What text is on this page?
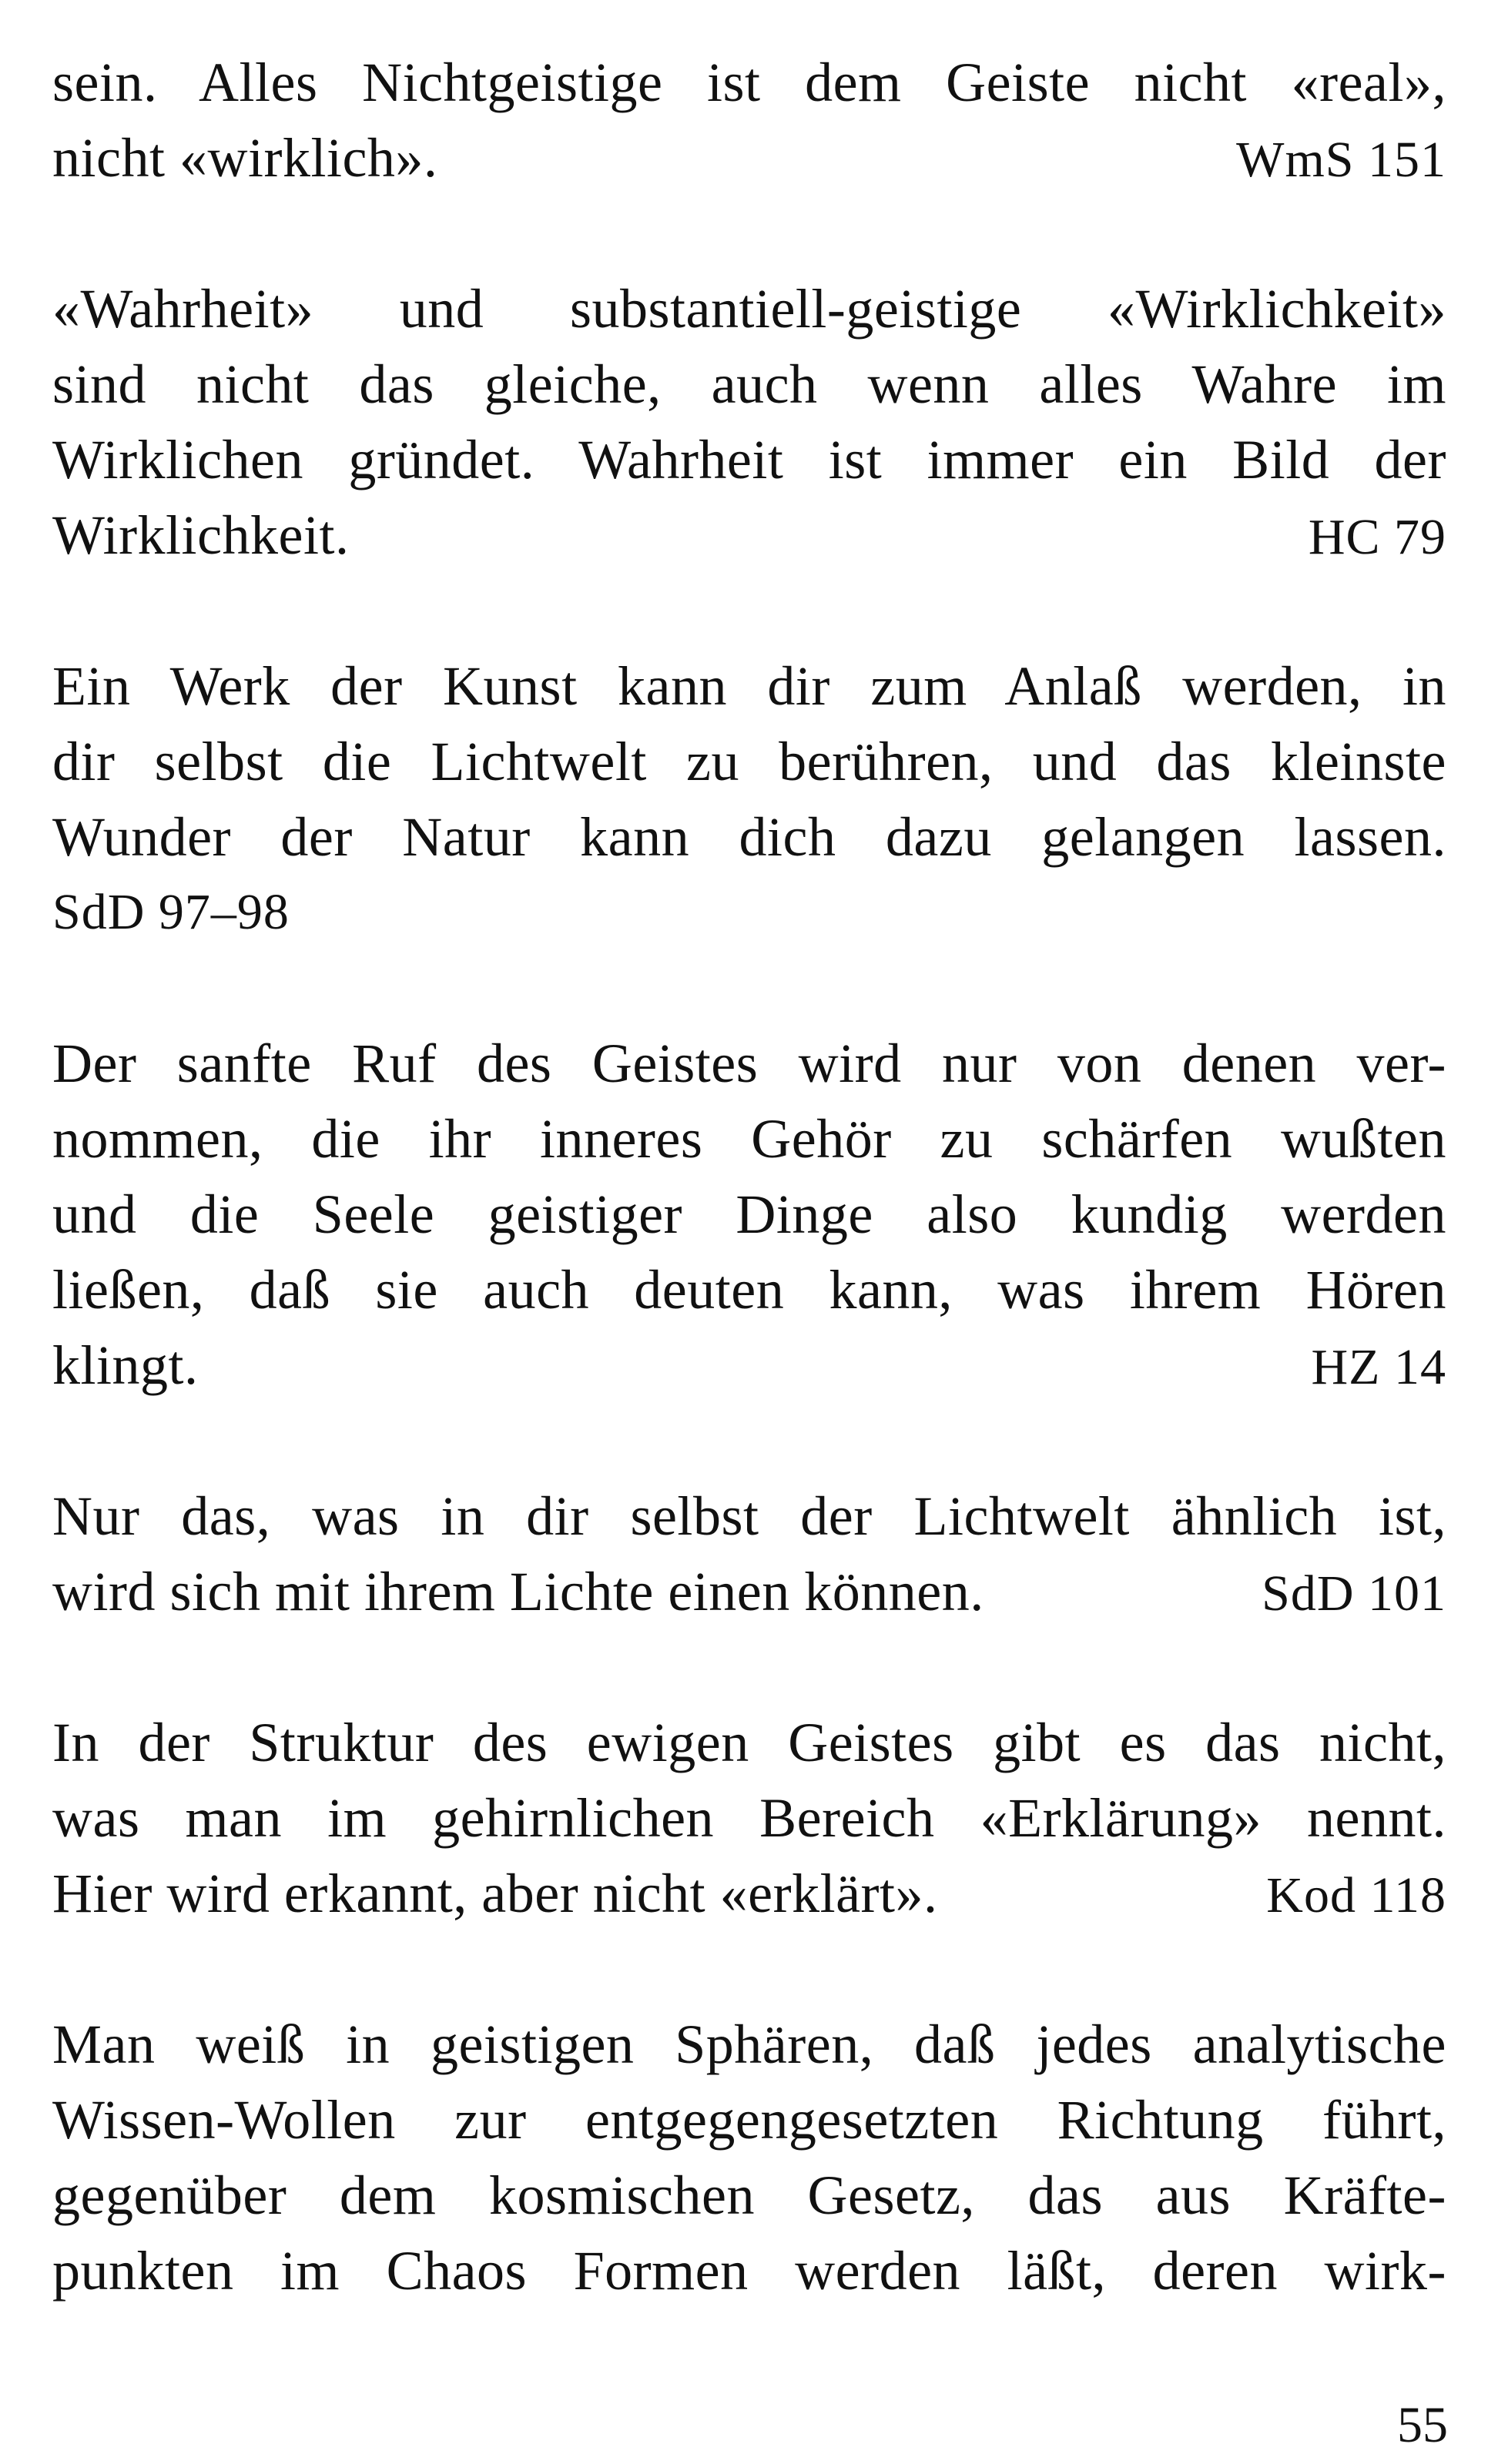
sein. Alles Nichtgeistige ist dem Geiste nicht «real»,
nicht «wirklich».	WmS 151
«Wahrheit» und substantiell-geistige «Wirklichkeit»
sind nicht das gleiche, auch wenn alles Wahre im
Wirklichen gründet. Wahrheit ist immer ein Bild der
Wirklichkeit.	HC 79
Ein Werk der Kunst kann dir zum Anlaß werden, in
dir selbst die Lichtwelt zu berühren, und das kleinste
Wunder der Natur kann dich dazu gelangen lassen.
SdD 97–98
Der sanfte Ruf des Geistes wird nur von denen ver-
nommen, die ihr inneres Gehör zu schärfen wußten
und die Seele geistiger Dinge also kundig werden
ließen, daß sie auch deuten kann, was ihrem Hören
klingt.	HZ 14
Nur das, was in dir selbst der Lichtwelt ähnlich ist,
wird sich mit ihrem Lichte einen können.	SdD 101
In der Struktur des ewigen Geistes gibt es das nicht,
was man im gehirnlichen Bereich «Erklärung» nennt.
Hier wird erkannt, aber nicht «erklärt».	Kod 118
Man weiß in geistigen Sphären, daß jedes analytische
Wissen-Wollen zur entgegengesetzten Richtung führt,
gegenüber dem kosmischen Gesetz, das aus Kräfte-
punkten im Chaos Formen werden läßt, deren wirk-
55
